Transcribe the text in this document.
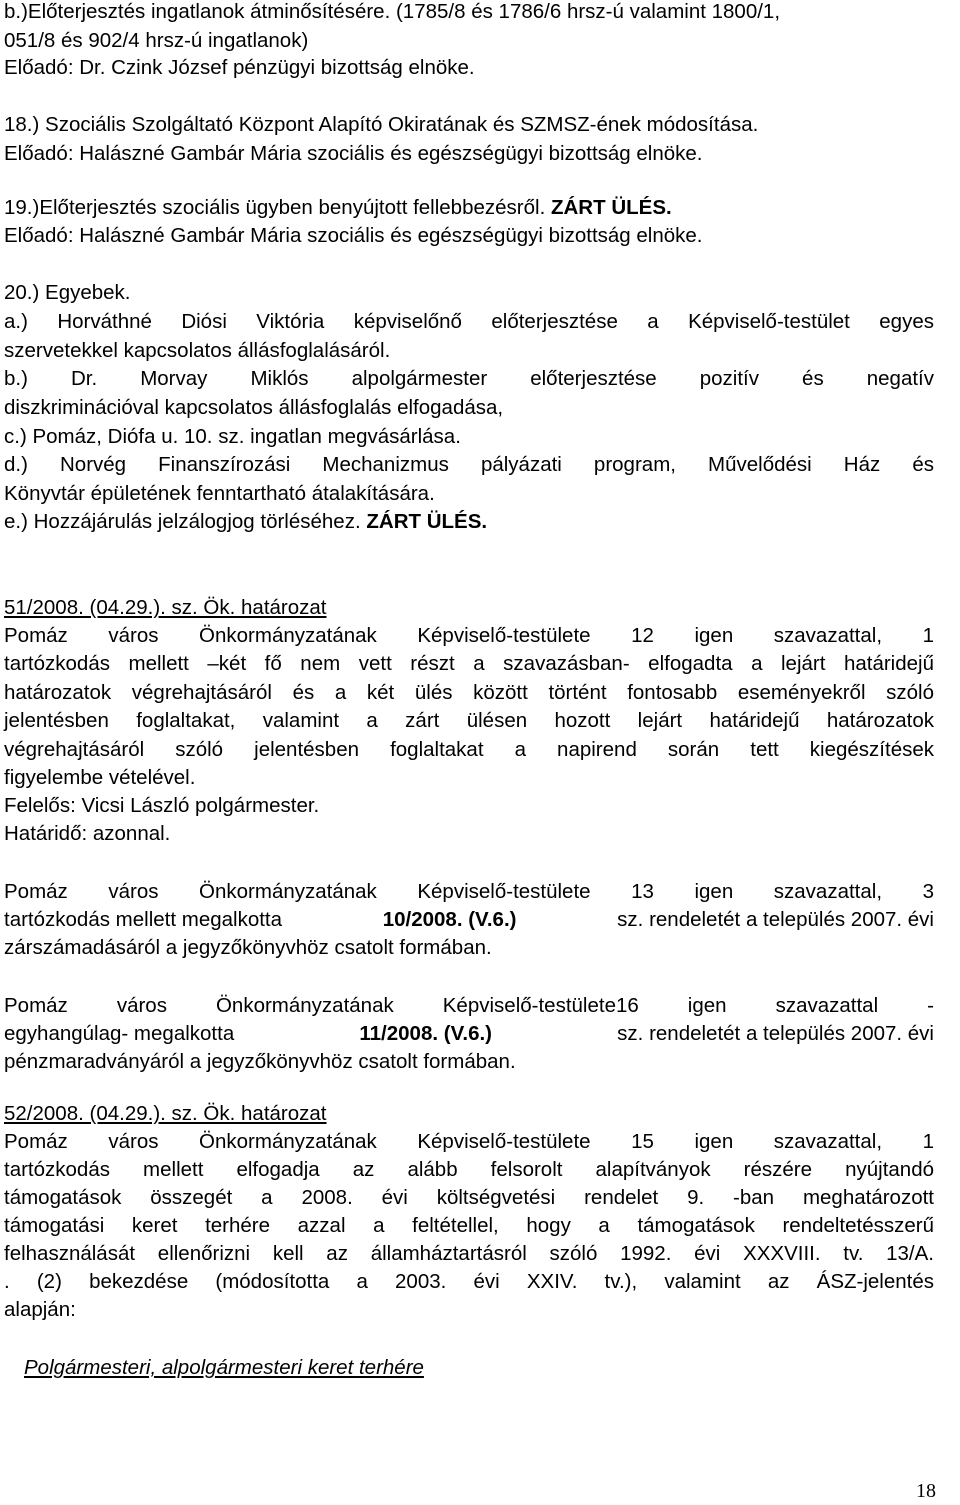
b.)Előterjesztés ingatlanok átminősítésére. (1785/8 és 1786/6 hrsz-ú valamint 1800/1,
051/8 és 902/4 hrsz-ú ingatlanok)
Előadó: Dr. Czink József pénzügyi bizottság elnöke.
18.) Szociális Szolgáltató Központ Alapító Okiratának és SZMSZ-ének módosítása.
Előadó: Halászné Gambár Mária szociális és egészségügyi bizottság elnöke.
19.)Előterjesztés szociális ügyben benyújtott fellebbezésről. ZÁRT ÜLÉS.
Előadó: Halászné Gambár Mária szociális és egészségügyi bizottság elnöke.
20.) Egyebek.
a.) Horváthné Diósi Viktória képviselőnő előterjesztése a Képviselő-testület egyes
szervetekkel kapcsolatos állásfoglalásáról.
b.) Dr. Morvay Miklós alpolgármester előterjesztése pozitív és negatív
diszkriminációval kapcsolatos állásfoglalás elfogadása,
c.) Pomáz, Diófa u. 10. sz. ingatlan megvásárlása.
d.) Norvég Finanszírozási Mechanizmus pályázati program, Művelődési Ház és
Könyvtár épületének fenntartható átalakítására.
e.) Hozzájárulás jelzálogjog törléséhez. ZÁRT ÜLÉS.
51/2008. (04.29.). sz. Ök. határozat
Pomáz város Önkormányzatának Képviselő-testülete 12 igen szavazattal, 1
tartózkodás mellett –két fő nem vett részt a szavazásban- elfogadta a lejárt határidejű
határozatok végrehajtásáról és a két ülés között történt fontosabb eseményekről szóló
jelentésben foglaltakat, valamint a zárt ülésen hozott lejárt határidejű határozatok
végrehajtásáról szóló jelentésben foglaltakat a napirend során tett kiegészítések
figyelembe vételével.
Felelős: Vicsi László polgármester.
Határidő: azonnal.
Pomáz város Önkormányzatának Képviselő-testülete 13 igen szavazattal, 3
tartózkodás mellett megalkotta	10/2008. (V.6.)	sz. rendeletét a település 2007. évi
zárszámadásáról a jegyzőkönyvhöz csatolt formában.
Pomáz város Önkormányzatának Képviselő-testülete16 igen szavazattal -
egyhangúlag- megalkotta	11/2008. (V.6.)	sz. rendeletét a település 2007. évi
pénzmaradványáról a jegyzőkönyvhöz csatolt formában.
52/2008. (04.29.). sz. Ök. határozat
Pomáz város Önkormányzatának Képviselő-testülete 15 igen szavazattal, 1
tartózkodás mellett elfogadja az alább felsorolt alapítványok részére nyújtandó
támogatások összegét a 2008. évi költségvetési rendelet 9. -ban meghatározott
támogatási keret terhére azzal a feltétellel, hogy a támogatások rendeltetésszerű
felhasználását ellenőrizni kell az államháztartásról szóló 1992. évi XXXVIII. tv. 13/A.
. (2) bekezdése (módosította a 2003. évi XXIV. tv.), valamint az ÁSZ-jelentés
alapján:
Polgármesteri, alpolgármesteri keret terhére
18
